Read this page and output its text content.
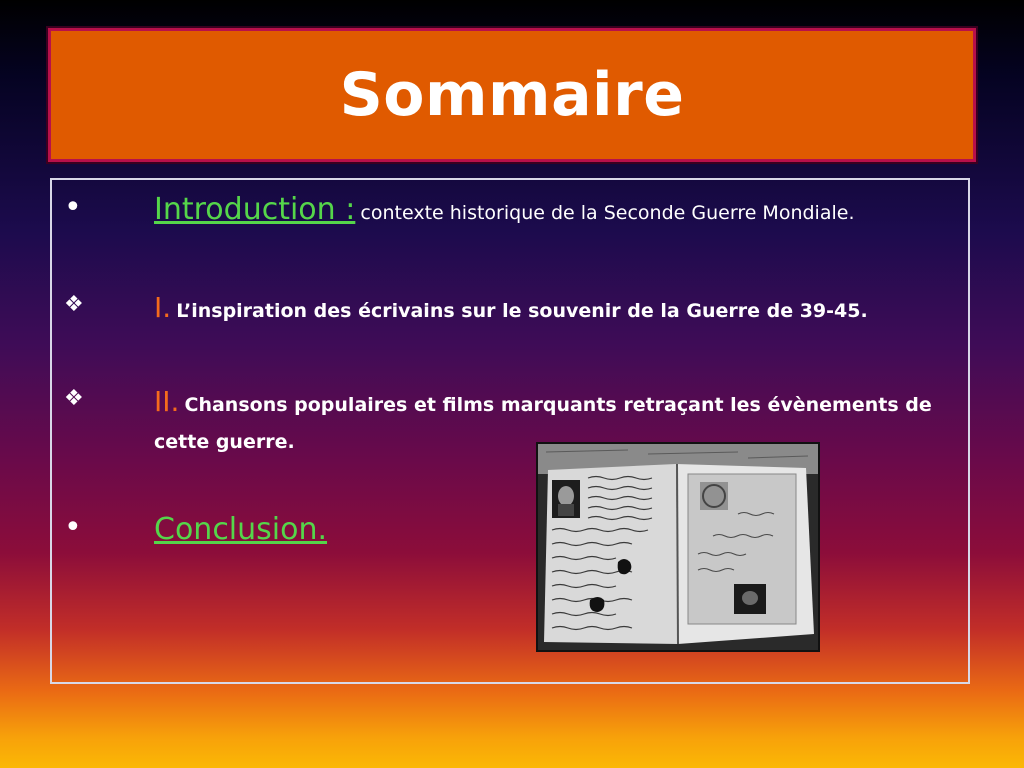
Sommaire
• Introduction : contexte historique de la Seconde Guerre Mondiale.
❖	I. L’inspiration des écrivains sur le souvenir de la Guerre de 39-45.
❖	II. Chansons populaires et films marquants retraçant les évènements de cette guerre.
• Conclusion.
